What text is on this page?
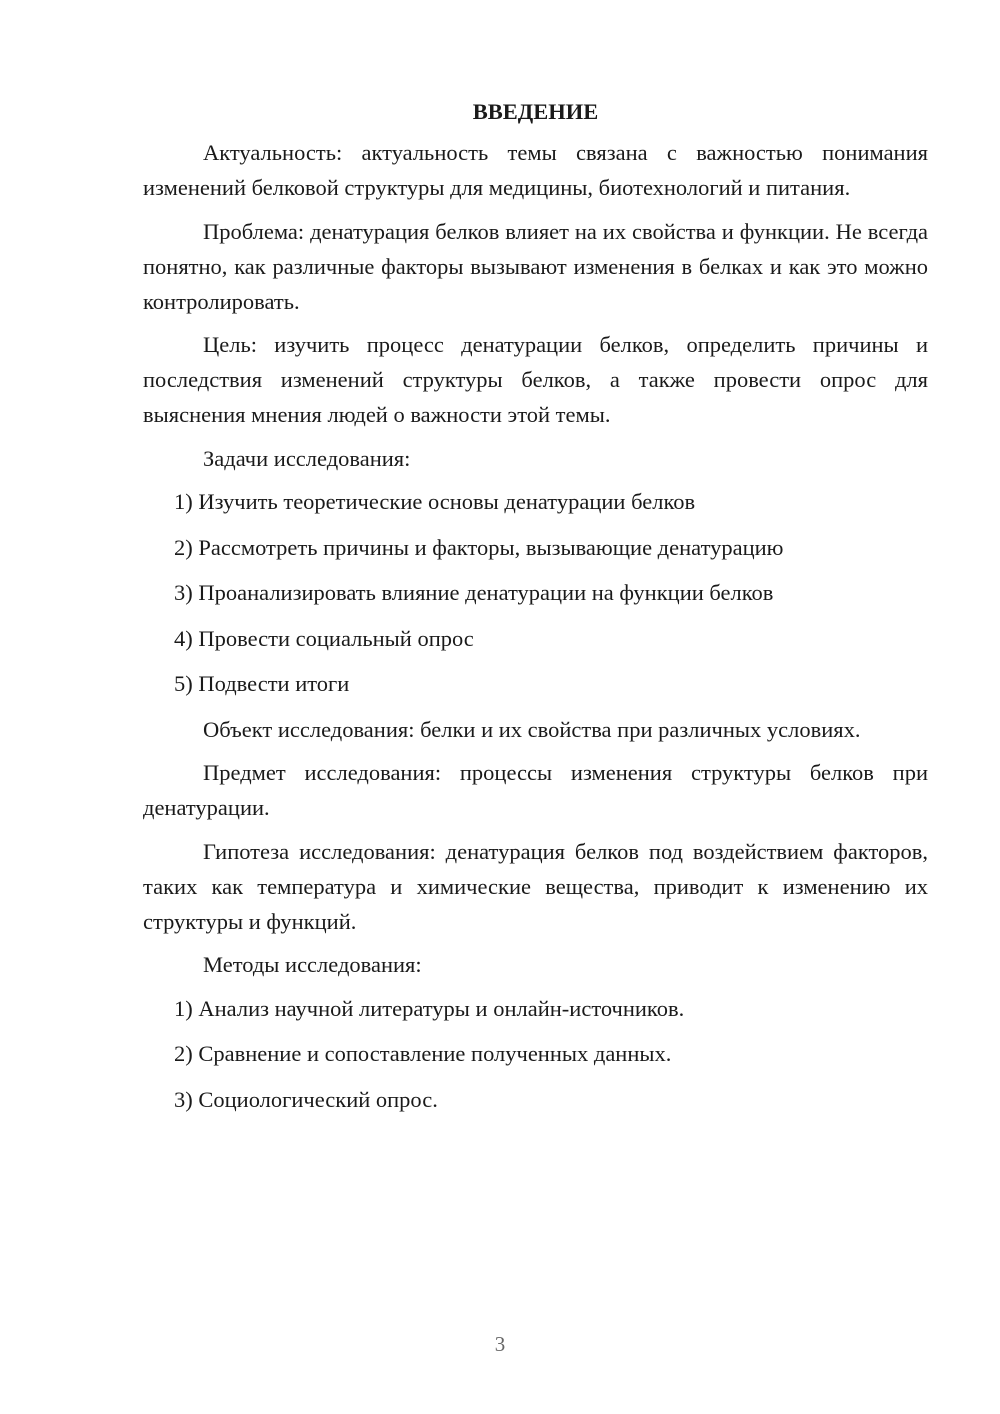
ВВЕДЕНИЕ

Актуальность: актуальность темы связана с важностью понимания изменений белковой структуры для медицины, биотехнологий и питания.

Проблема: денатурация белков влияет на их свойства и функции. Не всегда понятно, как различные факторы вызывают изменения в белках и как это можно контролировать.

Цель: изучить процесс денатурации белков, определить причины и последствия изменений структуры белков, а также провести опрос для выяснения мнения людей о важности этой темы.

Задачи исследования:

1) Изучить теоретические основы денатурации белков
2) Рассмотреть причины и факторы, вызывающие денатурацию
3) Проанализировать влияние денатурации на функции белков
4) Провести социальный опрос
5) Подвести итоги

Объект исследования: белки и их свойства при различных условиях.

Предмет исследования: процессы изменения структуры белков при денатурации.

Гипотеза исследования: денатурация белков под воздействием факторов, таких как температура и химические вещества, приводит к изменению их структуры и функций.

Методы исследования:

1) Анализ научной литературы и онлайн-источников.
2) Сравнение и сопоставление полученных данных.
3) Социологический опрос.
3
